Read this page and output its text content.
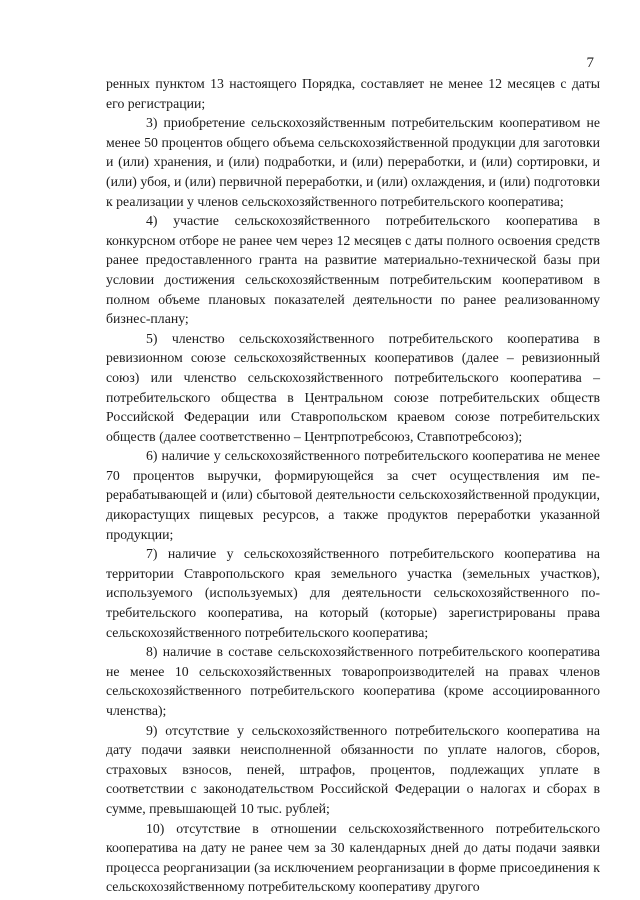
7

ренных пунктом 13 настоящего Порядка, составляет не менее 12 месяцев с даты его регистрации;

3) приобретение сельскохозяйственным потребительским кооперативом не менее 50 процентов общего объема сельскохозяйственной продукции для заготовки и (или) хранения, и (или) подработки, и (или) переработки, и (или) сортировки, и (или) убоя, и (или) первичной переработки, и (или) охлаждения, и (или) подготовки к реализации у членов сельскохозяйственного потребительского кооператива;

4) участие сельскохозяйственного потребительского кооператива в конкурсном отборе не ранее чем через 12 месяцев с даты полного освоения средств ранее предоставленного гранта на развитие материально-технической базы при условии достижения сельскохозяйственным потребительским кооперативом в полном объеме плановых показателей деятельности по ранее реализованному бизнес-плану;

5) членство сельскохозяйственного потребительского кооператива в ревизионном союзе сельскохозяйственных кооперативов (далее – ревизионный союз) или членство сельскохозяйственного потребительского кооператива – потребительского общества в Центральном союзе потребительских обществ Российской Федерации или Ставропольском краевом союзе потребительских обществ (далее соответственно – Центрпотребсоюз, Ставпотребсоюз);

6) наличие у сельскохозяйственного потребительского кооператива не менее 70 процентов выручки, формирующейся за счет осуществления им перерабатывающей и (или) сбытовой деятельности сельскохозяйственной продукции, дикорастущих пищевых ресурсов, а также продуктов переработки указанной продукции;

7) наличие у сельскохозяйственного потребительского кооператива на территории Ставропольского края земельного участка (земельных участков), используемого (используемых) для деятельности сельскохозяйственного потребительского кооператива, на который (которые) зарегистрированы права сельскохозяйственного потребительского кооператива;

8) наличие в составе сельскохозяйственного потребительского кооператива не менее 10 сельскохозяйственных товаропроизводителей на правах членов сельскохозяйственного потребительского кооператива (кроме ассоциированного членства);

9) отсутствие у сельскохозяйственного потребительского кооператива на дату подачи заявки неисполненной обязанности по уплате налогов, сборов, страховых взносов, пеней, штрафов, процентов, подлежащих уплате в соответствии с законодательством Российской Федерации о налогах и сборах в сумме, превышающей 10 тыс. рублей;

10) отсутствие в отношении сельскохозяйственного потребительского кооператива на дату не ранее чем за 30 календарных дней до даты подачи заявки процесса реорганизации (за исключением реорганизации в форме присоединения к сельскохозяйственному потребительскому кооперативу другого
